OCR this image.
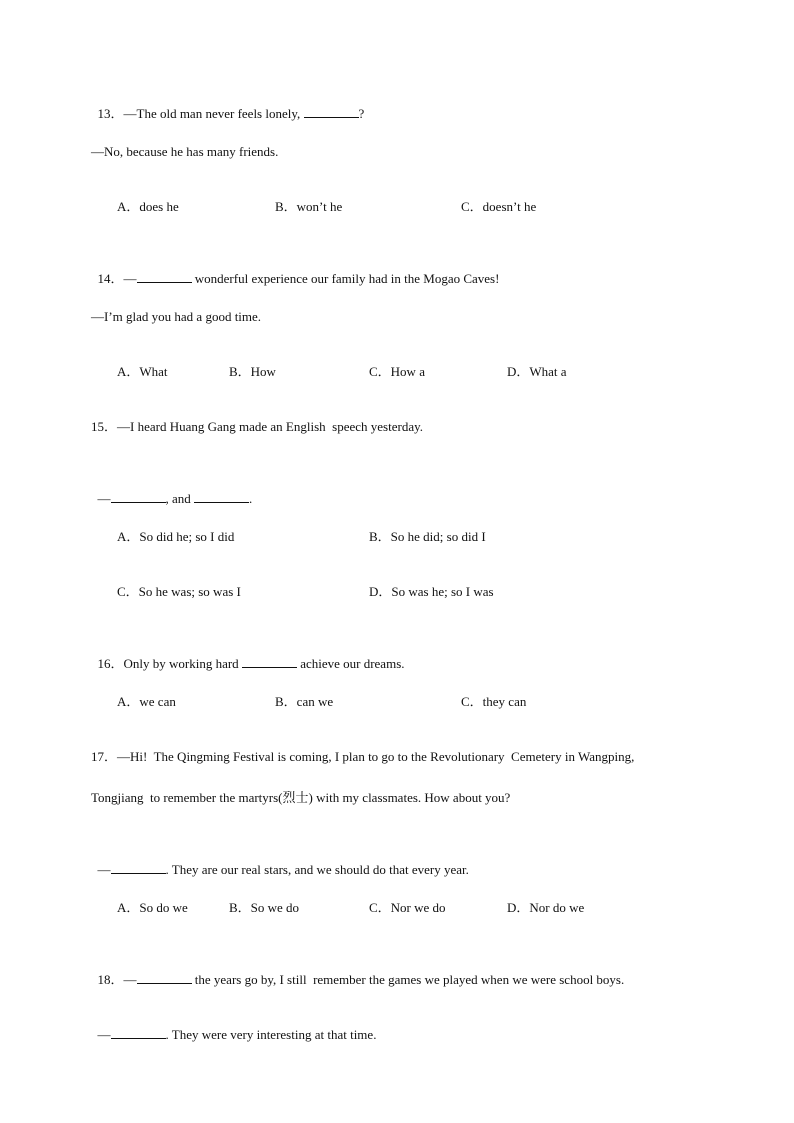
13．—The old man never feels lonely,	?

—No, because he has many friends.
A．does he	B．won’t he	C．doesn’t he

14．—	wonderful experience our family had in the Mogao Caves!

—I’m glad you had a good time.
A．What	B．How	C．How a	D．What a
15．—I heard Huang Gang made an English  speech yesterday.

—	, and	.

A．So did he; so I did	B．So he did; so did I
C．So he was; so was I	D．So was he; so I was

16．Only by working hard	achieve our dreams.

A．we can	B．can we	C．they can
17．—Hi!  The Qingming Festival is coming, I plan to go to the Revolutionary  Cemetery in Wangping,
Tongjiang  to remember the martyrs(烈士) with my classmates. How about you?

—	. They are our real stars, and we should do that every year.

A．So do we	B．So we do	C．Nor we do	D．Nor do we

18．—	the years go by, I still  remember the games we played when we were school boys.

—	. They were very interesting at that time.
